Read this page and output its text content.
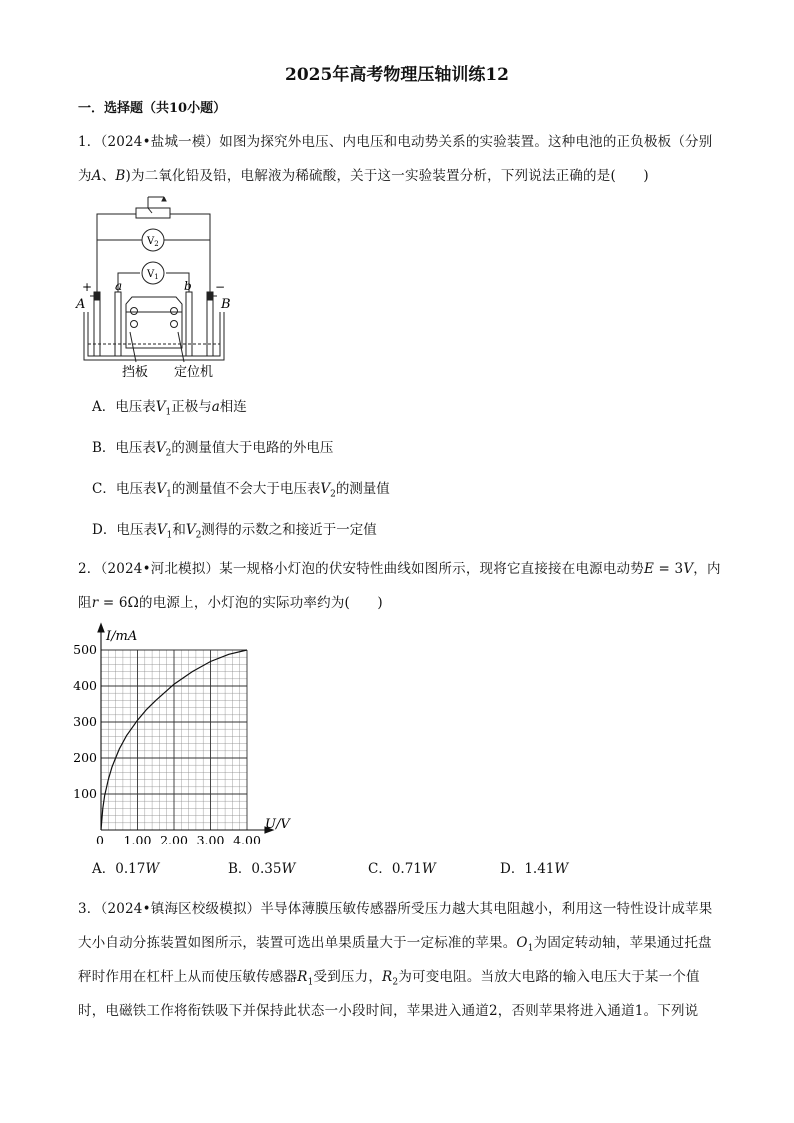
2025年高考物理压轴训练12
一．选择题（共10小题）
1．（2024•盐城一模）如图为探究外电压、内电压和电动势关系的实验装置。这种电池的正负极板（分别
为A、B)为二氧化铅及铅，电解液为稀硫酸，关于这一实验装置分析，下列说法正确的是(　　)
+	−
A	B
a	b
$V_2$
$V_1$
挡板 定位机
A．电压表$V_1$正极与a相连
B．电压表$V_2$的测量值大于电路的外电压
C．电压表$V_1$的测量值不会大于电压表$V_2$的测量值
D．电压表$V_1$和$V_2$测得的示数之和接近于一定值
2．（2024•河北模拟）某一规格小灯泡的伏安特性曲线如图所示，现将它直接接在电源电动势E = 3V，内
阻r = 6Ω的电源上，小灯泡的实际功率约为(　　)
0 1.00 2.00 3.00 4.00
100
200
300
400
500
I/mA
U/V
A．0.17W	B．0.35W	C．0.71W	D．1.41W
3．（2024•镇海区校级模拟）半导体薄膜压敏传感器所受压力越大其电阻越小，利用这一特性设计成苹果
大小自动分拣装置如图所示，装置可选出单果质量大于一定标准的苹果。$O_1$为固定转动轴，苹果通过托盘
秤时作用在杠杆上从而使压敏传感器$R_1$受到压力，$R_2$为可变电阻。当放大电路的输入电压大于某一个值
时，电磁铁工作将衔铁吸下并保持此状态一小段时间，苹果进入通道2，否则苹果将进入通道1。下列说
